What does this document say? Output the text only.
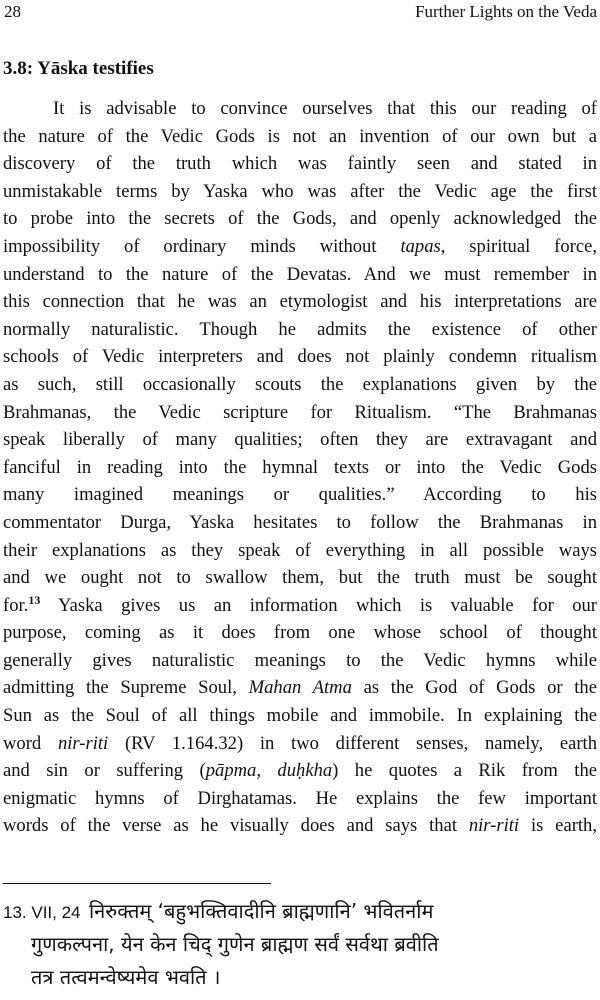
28	Further Lights on the Veda
3.8: Yāska testifies
It is advisable to convince ourselves that this our reading of
the nature of the Vedic Gods is not an invention of our own but a
discovery of the truth which was faintly seen and stated in
unmistakable terms by Yaska who was after the Vedic age the first
to probe into the secrets of the Gods, and openly acknowledged the
impossibility of ordinary minds without tapas, spiritual force,
understand to the nature of the Devatas. And we must remember in
this connection that he was an etymologist and his interpretations are
normally naturalistic. Though he admits the existence of other
schools of Vedic interpreters and does not plainly condemn ritualism
as such, still occasionally scouts the explanations given by the
Brahmanas, the Vedic scripture for Ritualism. “The Brahmanas
speak liberally of many qualities; often they are extravagant and
fanciful in reading into the hymnal texts or into the Vedic Gods
many imagined meanings or qualities.” According to his
commentator Durga, Yaska hesitates to follow the Brahmanas in
their explanations as they speak of everything in all possible ways
and we ought not to swallow them, but the truth must be sought
for.$^{13}$ Yaska gives us an information which is valuable for our
purpose, coming as it does from one whose school of thought
generally gives naturalistic meanings to the Vedic hymns while
admitting the Supreme Soul, Mahan Atma as the God of Gods or the
Sun as the Soul of all things mobile and immobile. In explaining the
word nir-riti (RV 1.164.32) in two different senses, namely, earth
and sin or suffering (pāpma, duḥkha) he quotes a Rik from the
enigmatic hymns of Dirghatamas. He explains the few important
words of the verse as he visually does and says that nir-riti is earth,
13. VII, 24 निरुक्तम् ‘बहुभक्तिवादीनि ब्राह्मणानि’ भवितर्नाम
गुणकल्पना, येन केन चिद् गुणेन ब्राह्मण सर्वं सर्वथा ब्रवीति
तत्र तत्वमन्वेष्यमेव भवति ।
